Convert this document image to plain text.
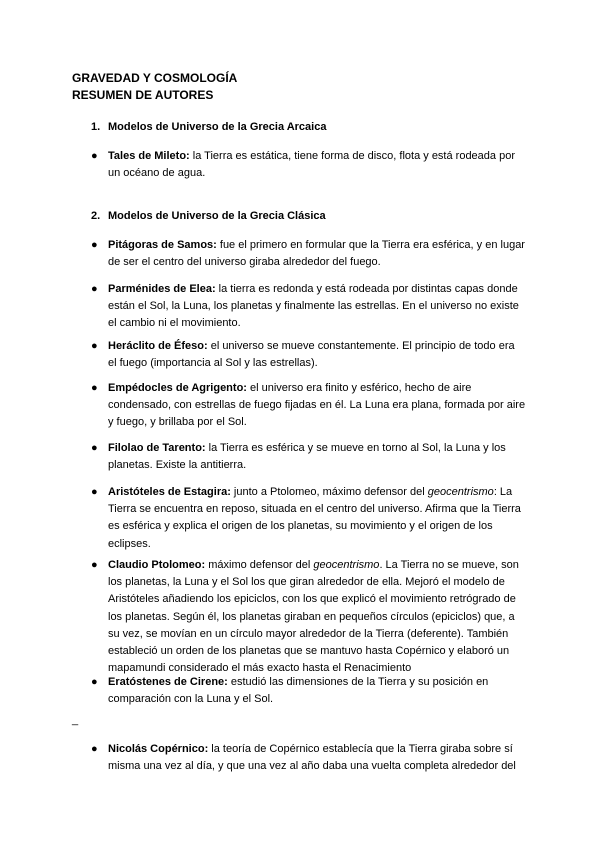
GRAVEDAD Y COSMOLOGÍA
RESUMEN DE AUTORES
1. Modelos de Universo de la Grecia Arcaica
● Tales de Mileto: la Tierra es estática, tiene forma de disco, flota y está rodeada por un océano de agua.
2. Modelos de Universo de la Grecia Clásica
● Pitágoras de Samos: fue el primero en formular que la Tierra era esférica, y en lugar de ser el centro del universo giraba alrededor del fuego.
● Parménides de Elea: la tierra es redonda y está rodeada por distintas capas donde están el Sol, la Luna, los planetas y finalmente las estrellas. En el universo no existe el cambio ni el movimiento.
● Heráclito de Éfeso: el universo se mueve constantemente. El principio de todo era el fuego (importancia al Sol y las estrellas).
● Empédocles de Agrigento: el universo era finito y esférico, hecho de aire condensado, con estrellas de fuego fijadas en él. La Luna era plana, formada por aire y fuego, y brillaba por el Sol.
● Filolao de Tarento: la Tierra es esférica y se mueve en torno al Sol, la Luna y los planetas. Existe la antitierra.
● Aristóteles de Estagira: junto a Ptolomeo, máximo defensor del geocentrismo: La Tierra se encuentra en reposo, situada en el centro del universo. Afirma que la Tierra es esférica y explica el origen de los planetas, su movimiento y el origen de los eclipses.
● Claudio Ptolomeo: máximo defensor del geocentrismo. La Tierra no se mueve, son los planetas, la Luna y el Sol los que giran alrededor de ella. Mejoró el modelo de Aristóteles añadiendo los epiciclos, con los que explicó el movimiento retrógrado de los planetas. Según él, los planetas giraban en pequeños círculos (epiciclos) que, a su vez, se movían en un círculo mayor alrededor de la Tierra (deferente). También estableció un orden de los planetas que se mantuvo hasta Copérnico y elaboró un mapamundi considerado el más exacto hasta el Renacimiento
● Eratóstenes de Cirene: estudió las dimensiones de la Tierra y su posición en comparación con la Luna y el Sol.
_
● Nicolás Copérnico: la teoría de Copérnico establecía que la Tierra giraba sobre sí misma una vez al día, y que una vez al año daba una vuelta completa alrededor del
